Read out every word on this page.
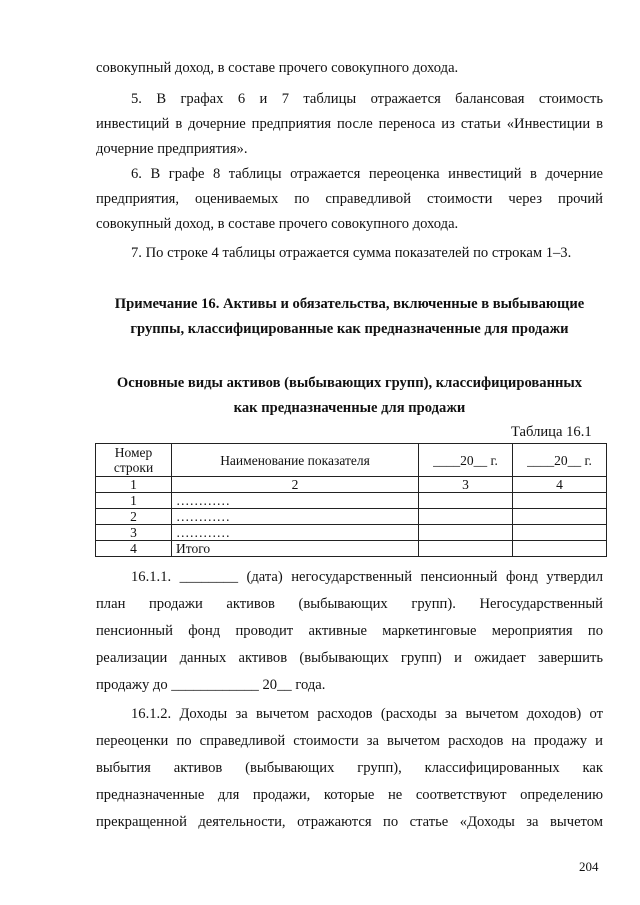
совокупный доход, в составе прочего совокупного дохода.
5. В графах 6 и 7 таблицы отражается балансовая стоимость
инвестиций в дочерние предприятия после переноса из статьи «Инвестиции в
дочерние предприятия».
6. В графе 8 таблицы отражается переоценка инвестиций в дочерние
предприятия, оцениваемых по справедливой стоимости через прочий
совокупный доход, в составе прочего совокупного дохода.
7. По строке 4 таблицы отражается сумма показателей по строкам 1–3.
Примечание 16. Активы и обязательства, включенные в выбывающие
группы, классифицированные как предназначенные для продажи
Основные виды активов (выбывающих групп), классифицированных
как предназначенные для продажи
Таблица 16.1
Номер строки	Наименование показателя	____20__ г.	____20__ г.
1	2	3	4
1	…………		
2	…………		
3	…………		
4	Итого		
16.1.1. ________ (дата) негосударственный пенсионный фонд утвердил
план продажи активов (выбывающих групп). Негосударственный
пенсионный фонд проводит активные маркетинговые мероприятия по
реализации данных активов (выбывающих групп) и ожидает завершить
продажу до ____________ 20__ года.
16.1.2. Доходы за вычетом расходов (расходы за вычетом доходов) от
переоценки по справедливой стоимости за вычетом расходов на продажу и
выбытия активов (выбывающих групп), классифицированных как
предназначенные для продажи, которые не соответствуют определению
прекращенной деятельности, отражаются по статье «Доходы за вычетом
204
